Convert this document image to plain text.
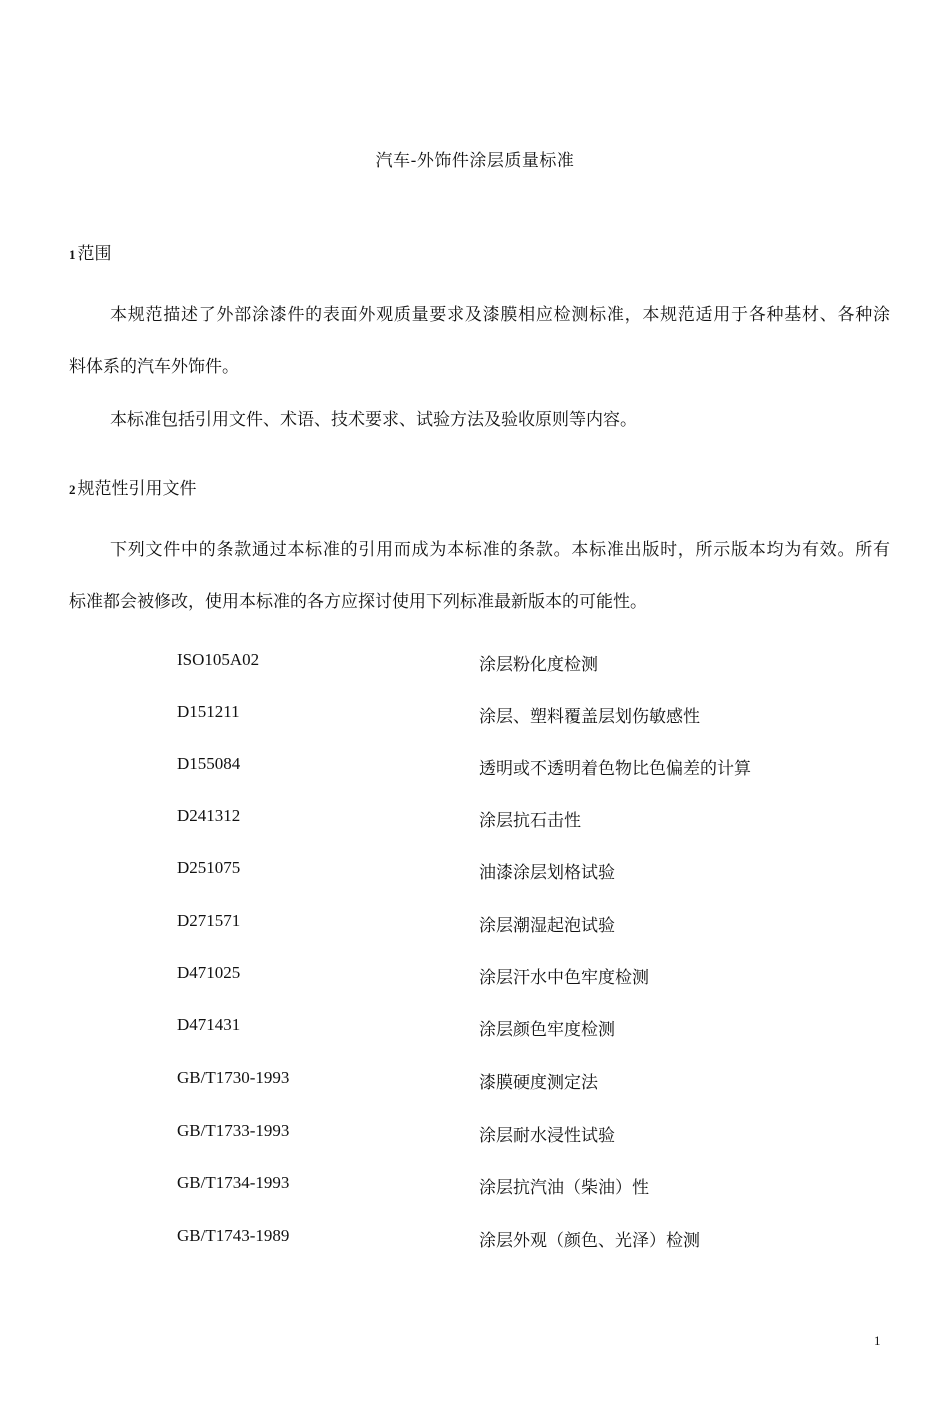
汽车-外饰件涂层质量标准
1 范围
本规范描述了外部涂漆件的表面外观质量要求及漆膜相应检测标准，本规范适用于各种基材、各种涂
料体系的汽车外饰件。
本标准包括引用文件、术语、技术要求、试验方法及验收原则等内容。
2 规范性引用文件
下列文件中的条款通过本标准的引用而成为本标准的条款。本标准出版时，所示版本均为有效。所有
标准都会被修改，使用本标准的各方应探讨使用下列标准最新版本的可能性。
ISO105A02	涂层粉化度检测
D151211	涂层、塑料覆盖层划伤敏感性
D155084	透明或不透明着色物比色偏差的计算
D241312	涂层抗石击性
D251075	油漆涂层划格试验
D271571	涂层潮湿起泡试验
D471025	涂层汗水中色牢度检测
D471431	涂层颜色牢度检测
GB/T1730-1993	漆膜硬度测定法
GB/T1733-1993	涂层耐水浸性试验
GB/T1734-1993	涂层抗汽油（柴油）性
GB/T1743-1989	涂层外观（颜色、光泽）检测
1
